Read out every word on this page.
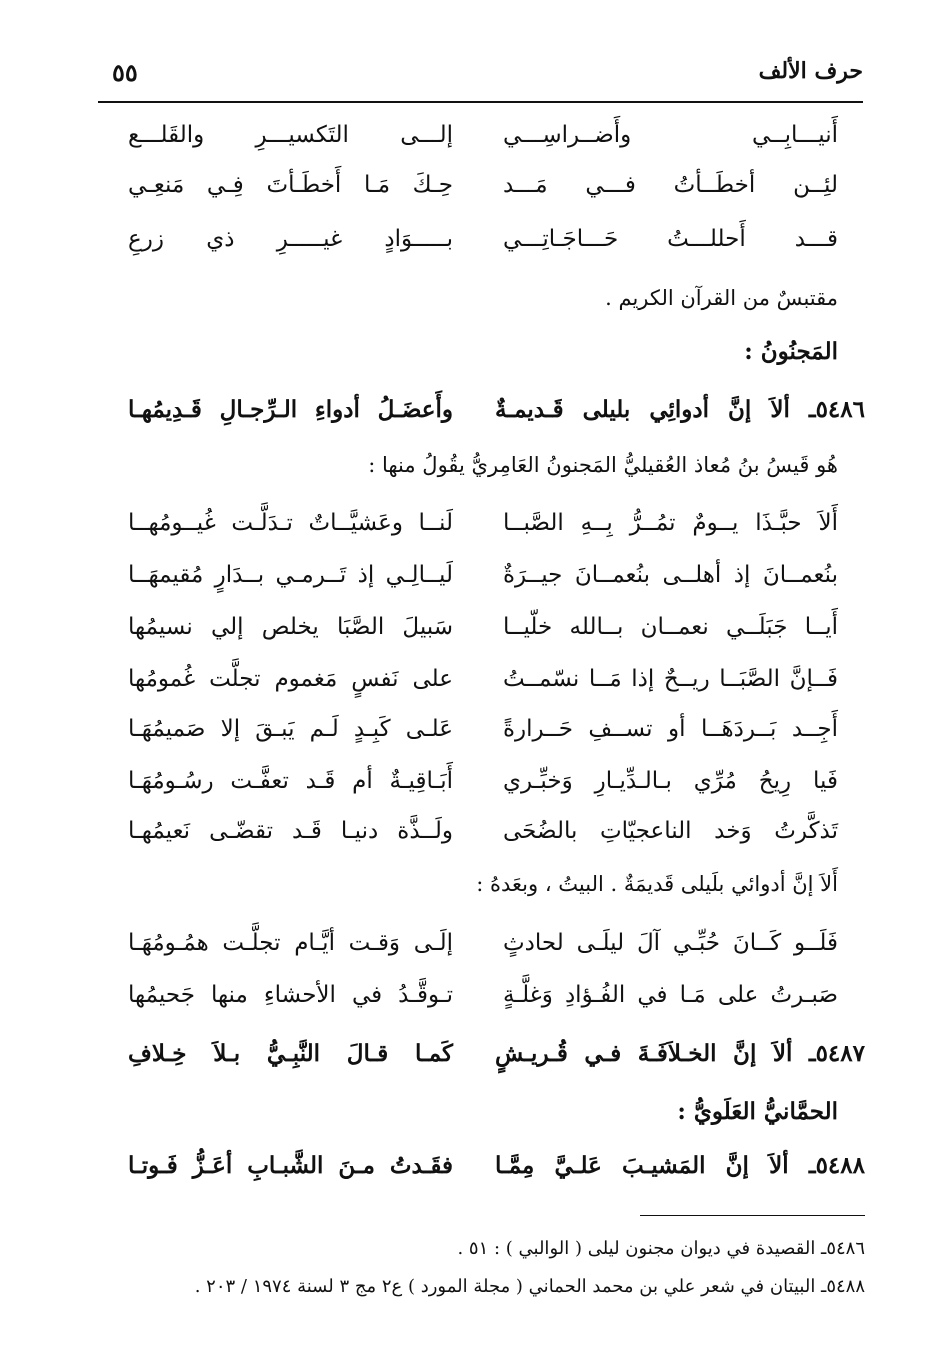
حرف الألف
٥٥
أَنيـــابِــي وأَضــراسِـــي
إلـــى التَكسيـــرِ والقَلـــع
لئِــن أخطَــأتُ فـــي مَـــد
حِـكَ مَـا أَخطَـأتَ فِـي مَنعِـي
قـــد أَحللـــتُ حَـــاجَـاتِـــي
بـــــوَادٍ غيـــــرِ ذي زرعِ
مقتبسٌ من القرآن الكريم .
المَجنُونُ :
٥٤٨٦ـ ألاَ إنَّ أدوائِي بليلى قَـديمـةٌ
وأَعضَـلُ أدواءِ الـرِّجـالِ قَـدِيمُهـا
هُو قَيسُ بنُ مُعاذ العُقيليُّ المَجنونُ العَامِريُّ يقُولُ منها :
أَلاَ حبَّـذَا يــومٌ تمُــرُّ بِــهِ الصَّبــا
لَنــا وعَشيَّــاتٌ تـدَلَّـت غُيــومُهــا
بنُعمــانَ إذ أهلــى بنُعمــانَ جيــرَةٌ
لَيــالِـي إذ تَــرمـي بــدَارٍ مُقيمهَــا
أَيــا جَبَلَــي نعمــان بــالله خلّيــا
سَبيلَ الصَّبَا يخلص إلي نسيمُها
فَــإنَّ الصَّبَــا ريــحٌ إذا مَــا نسّمــتُ
على نَفسٍ مَغموم تجلَّت غُمومُها
أَجِــد بَــردَهَــا أو تســفِ حَــرارةً
عَلـى كَبِـدٍ لَـم يَبـقَ إلا صَميمُهَـا
فَيا رِيحُ مُرِّي بـالـدِّيـارِ وَخبِّـري
أَبَـاقِيـةٌ أم قَـد تعفَّـت رسُـومُهَـا
تَذكَّرتُ وَخد الناعجيّاتِ بالضُحَى
ولَــذَّة دنيـا قَـد تقضّـى نَعيمُهـا
أَلاَ إنَّ أدوائي بلَيلى قَديمَةٌ . البيتُ ، وبعَدهُ :
فَلَــو كَــانَ حُبِّـي آلَ ليلَـى لحادثٍ
إلَـى وَقـت أيَّـام تجلَّـت همُـومُهَـا
صَبـرتُ على مَـا في الفُـؤادِ وَغلَّـةٍ
تـوقَّـدُ في الأحشاءِ منها جَحيمُها
٥٤٨٧ـ ألاَ إنَّ الخـلاَفَـةَ فـي قُـريـشٍ
كَمـا قـالَ النَّبِـيُّ بـلاَ خِـلافِ
الحمَّانيُّ العَلَويُّ :
٥٤٨٨ـ ألاَ إنَّ المَشيـبَ عَلـيَّ مِمَّـا
فقَـدتُ مـنَ الشَّبـابِ أعَـزُّ فَـوتـا
٥٤٨٦ـ القصيدة في ديوان مجنون ليلى ( الوالبي ) : ٥١ .
٥٤٨٨ـ البيتان في شعر علي بن محمد الحماني ( مجلة المورد ) ع٢ مج ٣ لسنة ١٩٧٤ / ٢٠٣ .
